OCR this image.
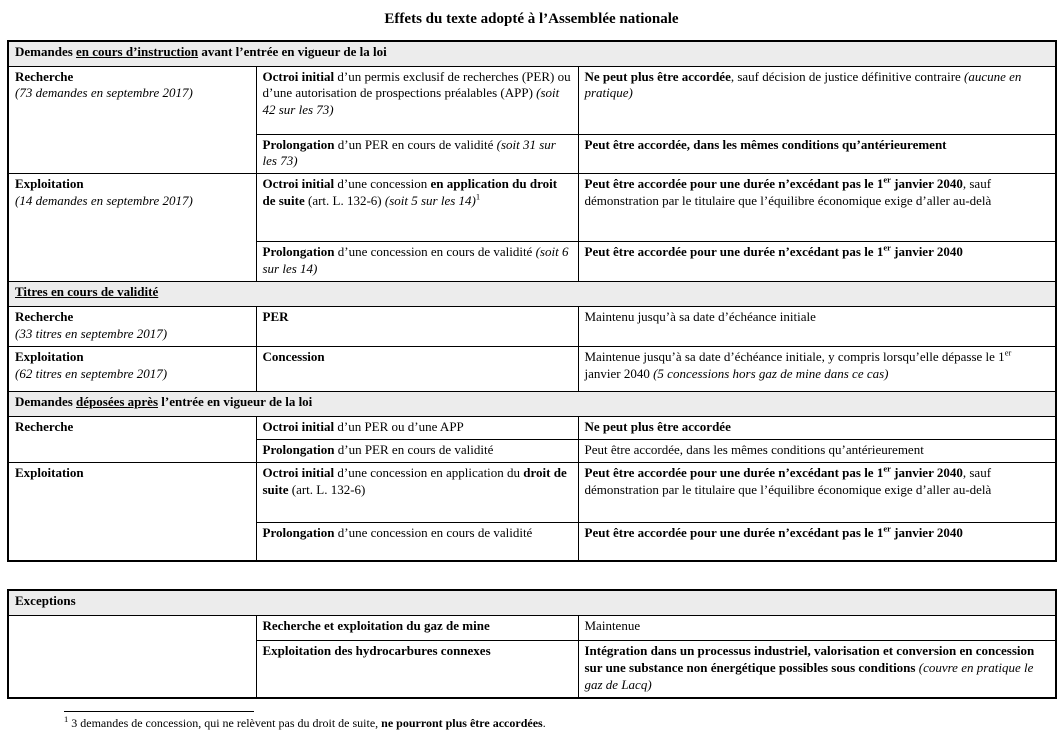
Effets du texte adopté à l’Assemblée nationale
Demandes en cours d’instruction avant l’entrée en vigueur de la loi		

Recherche
(73 demandes en septembre 2017)	Octroi initial d’un permis exclusif de recherches (PER) ou d’une autorisation de prospections préalables (APP) (soit 42 sur les 73)	Ne peut plus être accordée, sauf décision de justice définitive contraire (aucune en pratique)
	Prolongation d’un PER en cours de validité (soit 31 sur les 73)	Peut être accordée, dans les mêmes conditions qu’antérieurement

Exploitation
(14 demandes en septembre 2017)	Octroi initial d’une concession en application du droit de suite (art. L. 132-6) (soit 5 sur les 14)$^1$	Peut être accordée pour une durée n’excédant pas le 1er janvier 2040, sauf démonstration par le titulaire que l’équilibre économique exige d’aller au-delà
	Prolongation d’une concession en cours de validité (soit 6 sur les 14)	Peut être accordée pour une durée n’excédant pas le 1er janvier 2040
Titres en cours de validité		

Recherche
(33 titres en septembre 2017)	PER	Maintenu jusqu’à sa date d’échéance initiale

Exploitation
(62 titres en septembre 2017)	Concession	Maintenue jusqu’à sa date d’échéance initiale, y compris lorsqu’elle dépasse le 1er janvier 2040 (5 concessions hors gaz de mine dans ce cas)
Demandes déposées après l’entrée en vigueur de la loi		

Recherche	Octroi initial d’un PER ou d’une APP	Ne peut plus être accordée
	Prolongation d’un PER en cours de validité	Peut être accordée, dans les mêmes conditions qu’antérieurement

Exploitation	Octroi initial d’une concession en application du droit de suite (art. L. 132-6)	Peut être accordée pour une durée n’excédant pas le 1er janvier 2040, sauf démonstration par le titulaire que l’équilibre économique exige d’aller au-delà
	Prolongation d’une concession en cours de validité	Peut être accordée pour une durée n’excédant pas le 1er janvier 2040
Exceptions		
	Recherche et exploitation du gaz de mine	Maintenue
	Exploitation des hydrocarbures connexes	Intégration dans un processus industriel, valorisation et conversion en concession sur une substance non énergétique possibles sous conditions (couvre en pratique le gaz de Lacq)
$^1$ 3 demandes de concession, qui ne relèvent pas du droit de suite, ne pourront plus être accordées.
